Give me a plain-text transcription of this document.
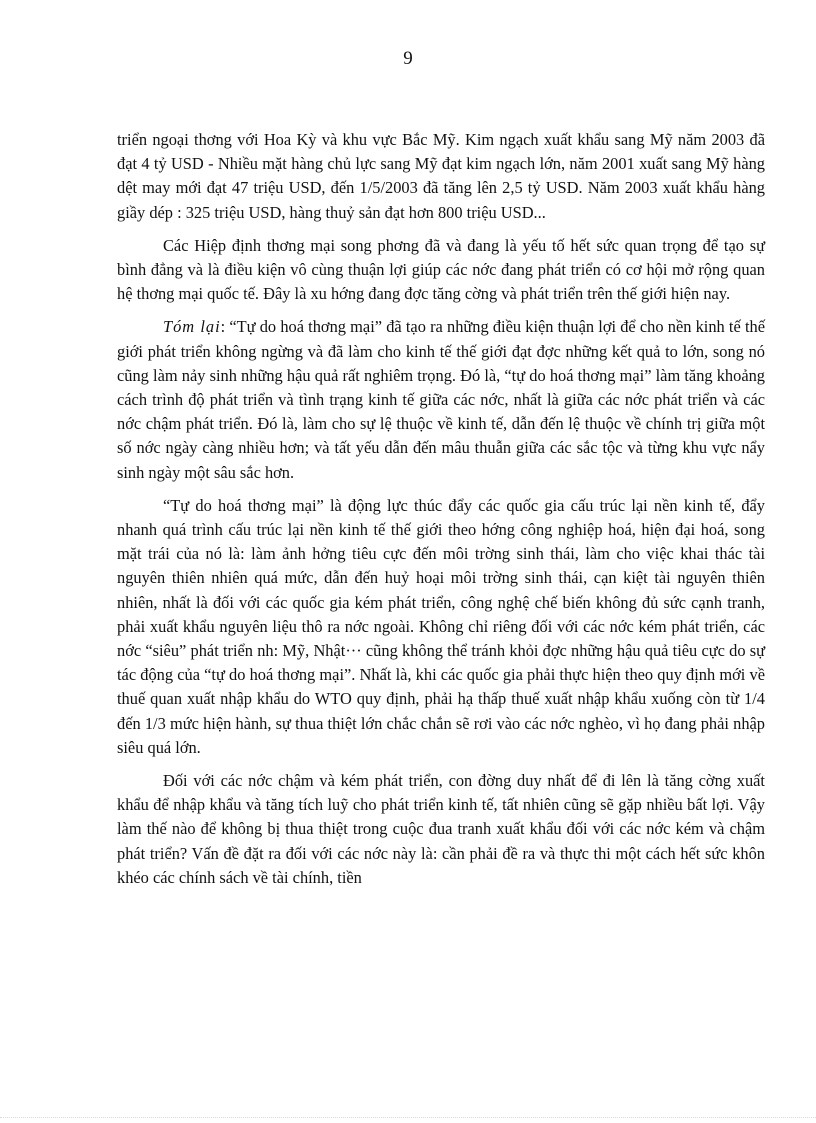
9

triển ngoại thơng với Hoa Kỳ và khu vực Bắc Mỹ. Kim ngạch xuất khẩu sang Mỹ năm 2003 đã đạt 4 tỷ USD - Nhiều mặt hàng chủ lực sang Mỹ đạt kim ngạch lớn, năm 2001 xuất sang Mỹ hàng dệt may mới đạt 47 triệu USD, đến 1/5/2003 đã tăng lên 2,5 tỷ USD. Năm 2003 xuất khẩu hàng giầy dép : 325 triệu USD, hàng thuỷ sản đạt hơn 800 triệu USD...

Các Hiệp định thơng mại song phơng đã và đang là yếu tố hết sức quan trọng để tạo sự bình đẳng và là điều kiện vô cùng thuận lợi giúp các nớc đang phát triển có cơ hội mở rộng quan hệ thơng mại quốc tế. Đây là xu hớng đang đợc tăng cờng và phát triển trên thế giới hiện nay.

Tóm lại: “Tự do hoá thơng mại” đã tạo ra những điều kiện thuận lợi để cho nền kinh tế thế giới phát triển không ngừng và đã làm cho kinh tế thế giới đạt đợc những kết quả to lớn, song nó cũng làm nảy sinh những hậu quả rất nghiêm trọng. Đó là, “tự do hoá thơng mại” làm tăng khoảng cách trình độ phát triển và tình trạng kinh tế giữa các nớc, nhất là giữa các nớc phát triển và các nớc chậm phát triển. Đó là, làm cho sự lệ thuộc về kinh tế, dẫn đến lệ thuộc về chính trị giữa một số nớc ngày càng nhiều hơn; và tất yếu dẫn đến mâu thuẫn giữa các sắc tộc và từng khu vực nẩy sinh ngày một sâu sắc hơn.

“Tự do hoá thơng mại” là động lực thúc đẩy các quốc gia cấu trúc lại nền kinh tế, đẩy nhanh quá trình cấu trúc lại nền kinh tế thế giới theo hớng công nghiệp hoá, hiện đại hoá, song mặt trái của nó là: làm ảnh hởng tiêu cực đến môi trờng sinh thái, làm cho việc khai thác tài nguyên thiên nhiên quá mức, dẫn đến huỷ hoại môi trờng sinh thái, cạn kiệt tài nguyên thiên nhiên, nhất là đối với các quốc gia kém phát triển, công nghệ chế biến không đủ sức cạnh tranh, phải xuất khẩu nguyên liệu thô ra nớc ngoài. Không chỉ riêng đối với các nớc kém phát triển, các nớc “siêu” phát triển nh: Mỹ, Nhật··· cũng không thể tránh khỏi đợc những hậu quả tiêu cực do sự tác động của “tự do hoá thơng mại”. Nhất là, khi các quốc gia phải thực hiện theo quy định mới về thuế quan xuất nhập khẩu do WTO quy định, phải hạ thấp thuế xuất nhập khẩu xuống còn từ 1/4 đến 1/3 mức hiện hành, sự thua thiệt lớn chắc chắn sẽ rơi vào các nớc nghèo, vì họ đang phải nhập siêu quá lớn.

Đối với các nớc chậm và kém phát triển, con đờng duy nhất để đi lên là tăng cờng xuất khẩu để nhập khẩu và tăng tích luỹ cho phát triển kinh tế, tất nhiên cũng sẽ gặp nhiều bất lợi. Vậy làm thế nào để không bị thua thiệt trong cuộc đua tranh xuất khẩu đối với các nớc kém và chậm phát triển? Vấn đề đặt ra đối với các nớc này là: cần phải đề ra và thực thi một cách hết sức khôn khéo các chính sách về tài chính, tiền
